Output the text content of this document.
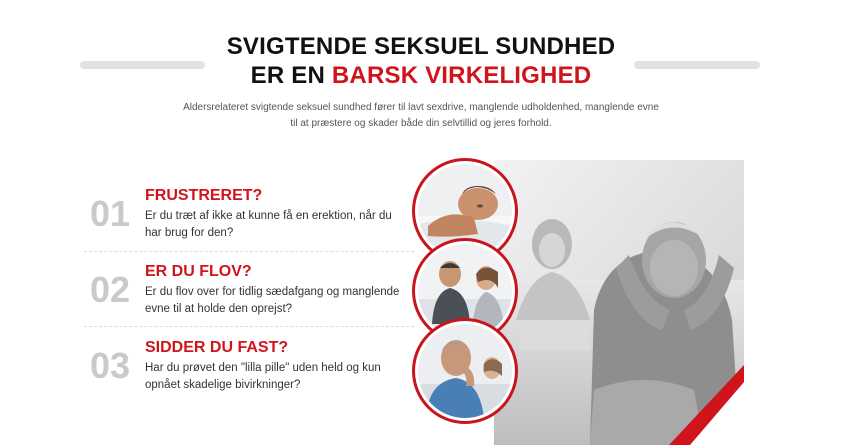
SVIGTENDE SEKSUEL SUNDHED
ER EN BARSK VIRKELIGHED

Aldersrelateret svigtende seksuel sundhed fører til lavt sexdrive, manglende udholdenhed, manglende evne til at præstere og skader både din selvtillid og jeres forhold.

01 FRUSTRERET?

Er du træt af ikke at kunne få en erektion, når du har brug for den?

02 ER DU FLOV?

Er du flov over for tidlig sædafgang og manglende evne til at holde den oprejst?

03 SIDDER DU FAST?

Har du prøvet den "lilla pille" uden held og kun opnået skadelige bivirkninger?
